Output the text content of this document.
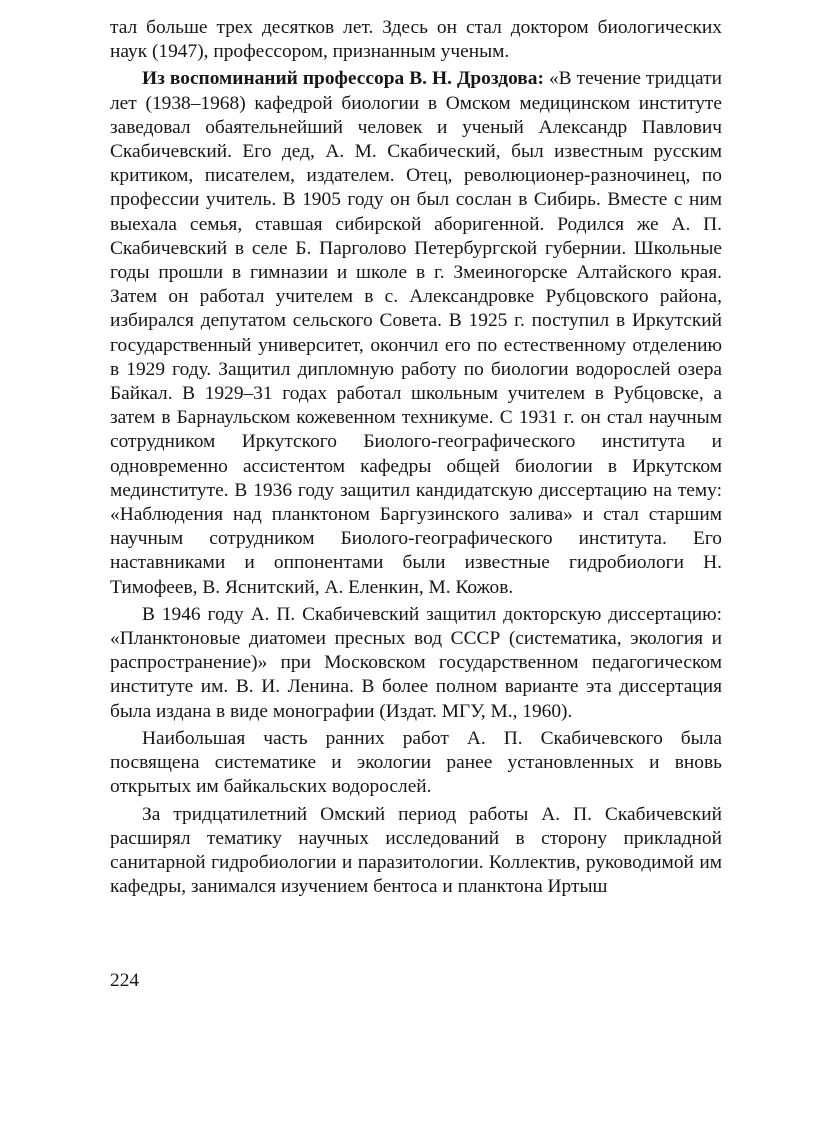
тал больше трех десятков лет. Здесь он стал доктором биологических наук (1947), профессором, признанным ученым.

Из воспоминаний профессора В. Н. Дроздова: «В течение тридцати лет (1938–1968) кафедрой биологии в Омском медицинском институте заведовал обаятельнейший человек и ученый Александр Павлович Скабичевский. Его дед, А. М. Скабический, был известным русским критиком, писателем, издателем. Отец, революционер-разночинец, по профессии учитель. В 1905 году он был сослан в Сибирь. Вместе с ним выехала семья, ставшая сибирской аборигенной. Родился же А. П. Скабичевский в селе Б. Парголово Петербургской губернии. Школьные годы прошли в гимназии и школе в г. Змеиногорске Алтайского края. Затем он работал учителем в с. Александровке Рубцовского района, избирался депутатом сельского Совета. В 1925 г. поступил в Иркутский государственный университет, окончил его по естественному отделению в 1929 году. Защитил дипломную работу по биологии водорослей озера Байкал. В 1929–31 годах работал школьным учителем в Рубцовске, а затем в Барнаульском кожевенном техникуме. С 1931 г. он стал научным сотрудником Иркутского Биолого-географического института и одновременно ассистентом кафедры общей биологии в Иркутском мединституте. В 1936 году защитил кандидатскую диссертацию на тему: «Наблюдения над планктоном Баргузинского залива» и стал старшим научным сотрудником Биолого-географического института. Его наставниками и оппонентами были известные гидробиологи Н. Тимофеев, В. Яснитский, А. Еленкин, М. Кожов.

В 1946 году А. П. Скабичевский защитил докторскую диссертацию: «Планктоновые диатомеи пресных вод СССР (систематика, экология и распространение)» при Московском государственном педагогическом институте им. В. И. Ленина. В более полном варианте эта диссертация была издана в виде монографии (Издат. МГУ, М., 1960).

Наибольшая часть ранних работ А. П. Скабичевского была посвящена систематике и экологии ранее установленных и вновь открытых им байкальских водорослей.

За тридцатилетний Омский период работы А. П. Скабичевский расширял тематику научных исследований в сторону прикладной санитарной гидробиологии и паразитологии. Коллектив, руководимой им кафедры, занимался изучением бентоса и планктона Иртыш

224
